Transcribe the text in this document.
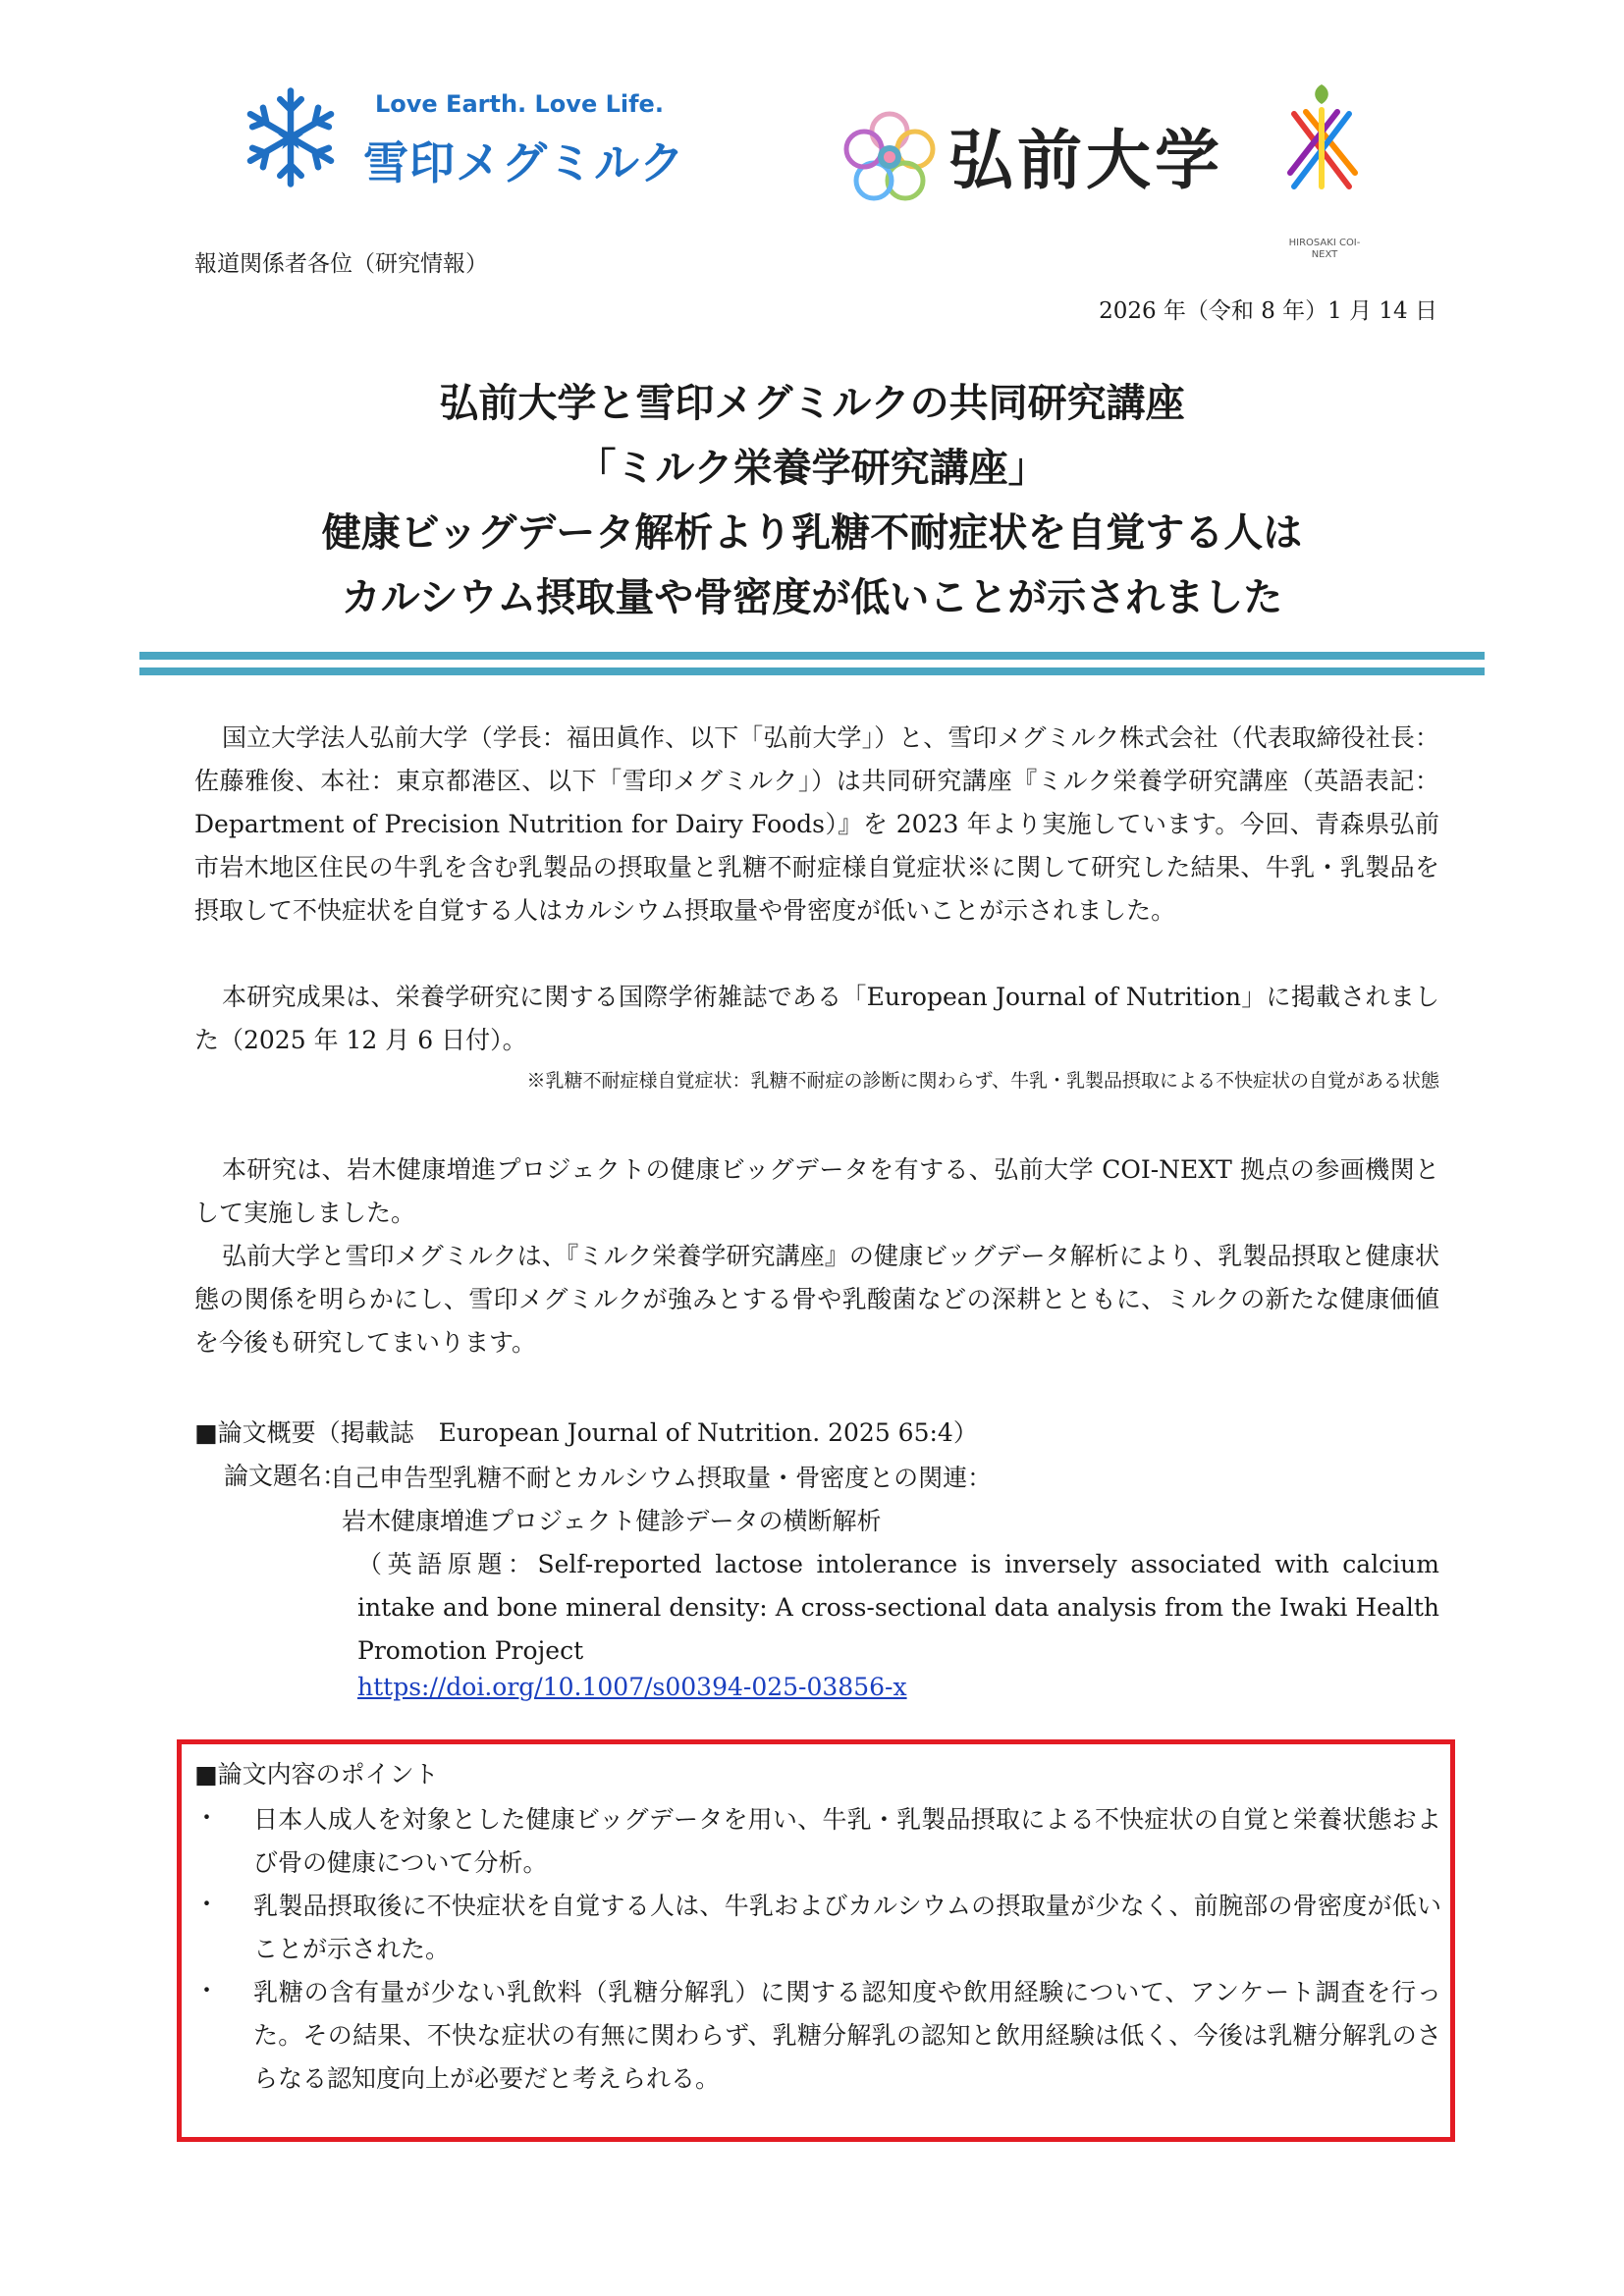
Love Earth. Love Life.
雪印メグミルク	弘前大学
HIROSAKI COI-NEXT
報道関係者各位（研究情報）
2026 年（令和 8 年）1 月 14 日
弘前大学と雪印メグミルクの共同研究講座
「ミルク栄養学研究講座」
健康ビッグデータ解析より乳糖不耐症状を自覚する人は
カルシウム摂取量や骨密度が低いことが示されました
国立大学法人弘前大学（学長：福田眞作、以下「弘前大学」）と、雪印メグミルク株式会社（代表取締役社長：佐藤雅俊、本社：東京都港区、以下「雪印メグミルク」）は共同研究講座『ミルク栄養学研究講座（英語表記：Department of Precision Nutrition for Dairy Foods）』を 2023 年より実施しています。今回、青森県弘前市岩木地区住民の牛乳を含む乳製品の摂取量と乳糖不耐症様自覚症状※に関して研究した結果、牛乳・乳製品を摂取して不快症状を自覚する人はカルシウム摂取量や骨密度が低いことが示されました。
本研究成果は、栄養学研究に関する国際学術雑誌である「European Journal of Nutrition」に掲載されました（2025 年 12 月 6 日付）。
※乳糖不耐症様自覚症状：乳糖不耐症の診断に関わらず、牛乳・乳製品摂取による不快症状の自覚がある状態
本研究は、岩木健康増進プロジェクトの健康ビッグデータを有する、弘前大学 COI-NEXT 拠点の参画機関として実施しました。
弘前大学と雪印メグミルクは、『ミルク栄養学研究講座』の健康ビッグデータ解析により、乳製品摂取と健康状態の関係を明らかにし、雪印メグミルクが強みとする骨や乳酸菌などの深耕とともに、ミルクの新たな健康価値を今後も研究してまいります。
■論文概要（掲載誌　European Journal of Nutrition. 2025 65:4）
論文題名：
自己申告型乳糖不耐とカルシウム摂取量・骨密度との関連：
岩木健康増進プロジェクト健診データの横断解析
（英語原題：Self-reported lactose intolerance is inversely associated with calcium intake and bone mineral density: A cross-sectional data analysis from the Iwaki Health Promotion Project
https://doi.org/10.1007/s00394-025-03856-x
■論文内容のポイント
・ 日本人成人を対象とした健康ビッグデータを用い、牛乳・乳製品摂取による不快症状の自覚と栄養状態および骨の健康について分析。
・ 乳製品摂取後に不快症状を自覚する人は、牛乳およびカルシウムの摂取量が少なく、前腕部の骨密度が低いことが示された。
・ 乳糖の含有量が少ない乳飲料（乳糖分解乳）に関する認知度や飲用経験について、アンケート調査を行った。その結果、不快な症状の有無に関わらず、乳糖分解乳の認知と飲用経験は低く、今後は乳糖分解乳のさらなる認知度向上が必要だと考えられる。
